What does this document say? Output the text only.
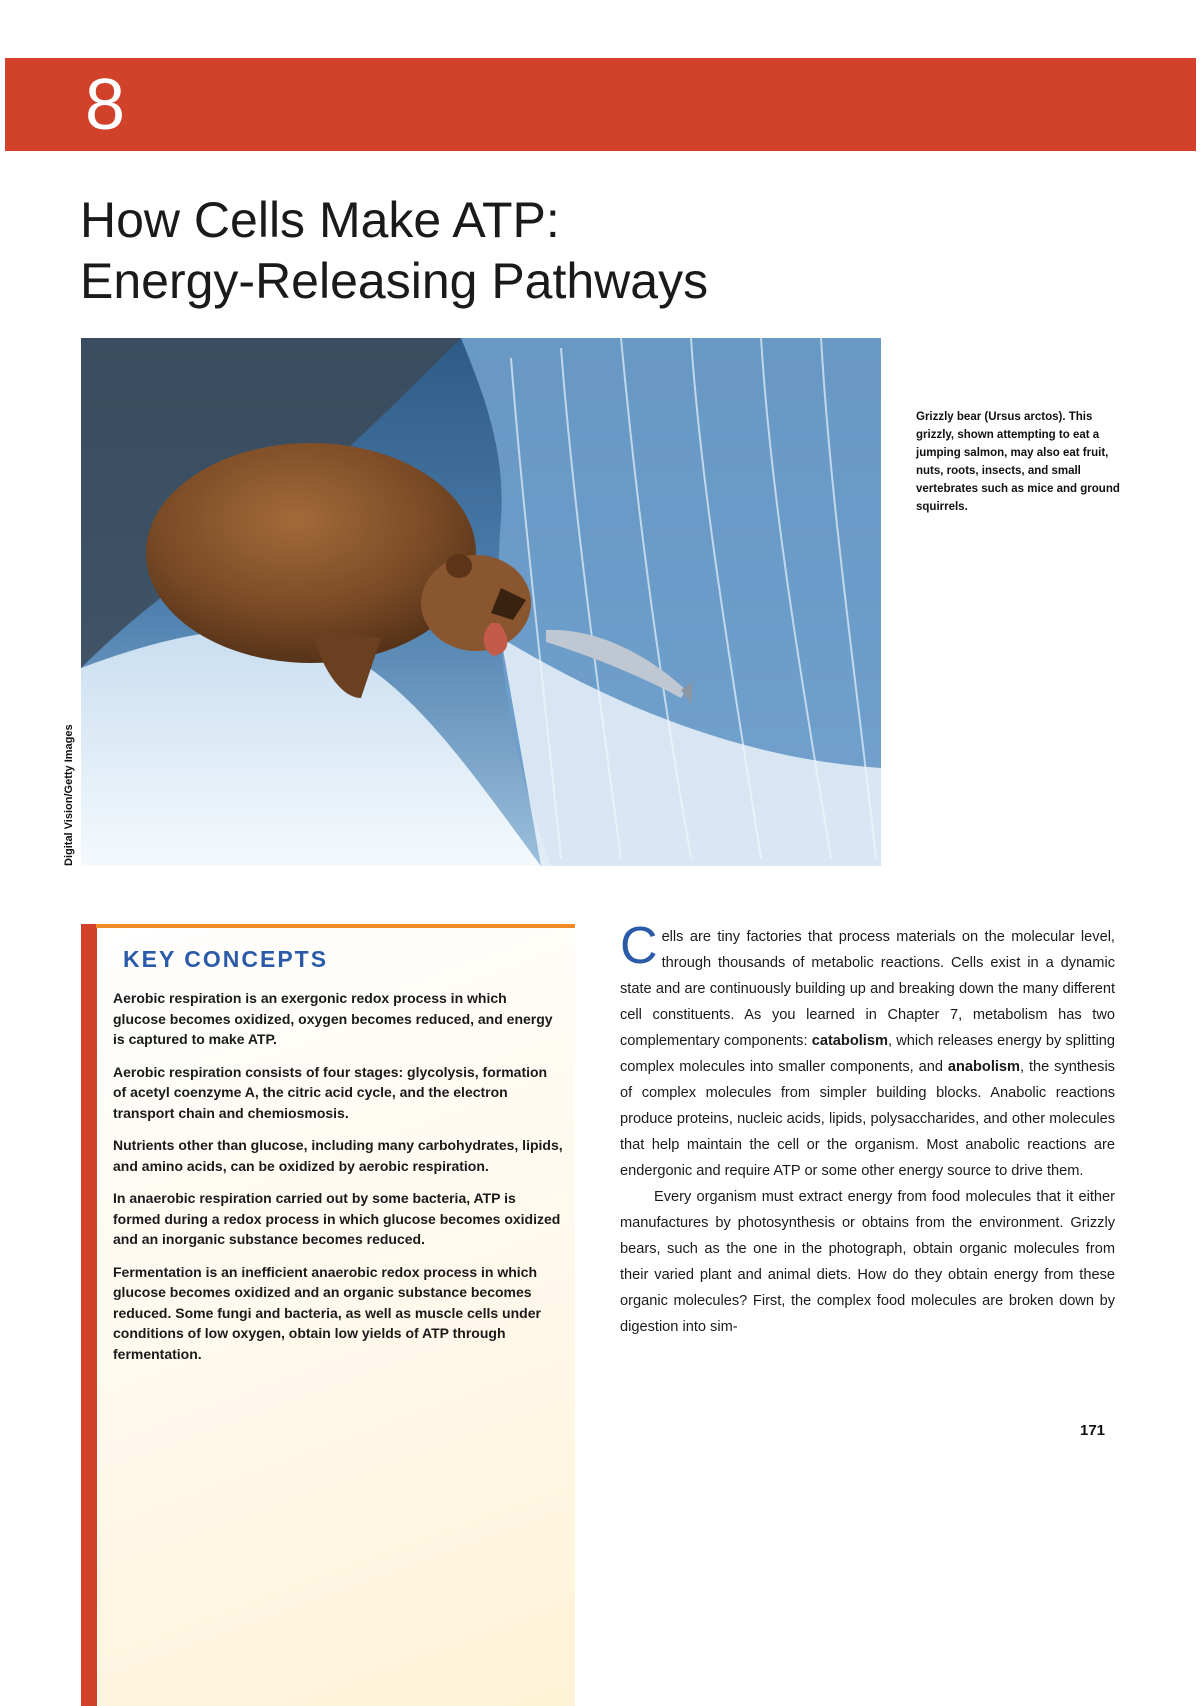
8
How Cells Make ATP:
Energy-Releasing Pathways
Digital Vision/Getty Images

Grizzly bear (Ursus arctos). This grizzly, shown attempting to eat a jumping salmon, may also eat fruit, nuts, roots, insects, and small vertebrates such as mice and ground squirrels.

KEY CONCEPTS
Aerobic respiration is an exergonic redox process in which glucose becomes oxidized, oxygen becomes reduced, and energy is captured to make ATP.
Aerobic respiration consists of four stages: glycolysis, formation of acetyl coenzyme A, the citric acid cycle, and the electron transport chain and chemiosmosis.
Nutrients other than glucose, including many carbohydrates, lipids, and amino acids, can be oxidized by aerobic respiration.
In anaerobic respiration carried out by some bacteria, ATP is formed during a redox process in which glucose becomes oxidized and an inorganic substance becomes reduced.
Fermentation is an inefficient anaerobic redox process in which glucose becomes oxidized and an organic substance becomes reduced. Some fungi and bacteria, as well as muscle cells under conditions of low oxygen, obtain low yields of ATP through fermentation.

Cells are tiny factories that process materials on the molecular level, through thousands of metabolic reactions. Cells exist in a dynamic state and are continuously building up and breaking down the many different cell constituents. As you learned in Chapter 7, metabolism has two complementary components: catabolism, which releases energy by splitting complex molecules into smaller components, and anabolism, the synthesis of complex molecules from simpler building blocks. Anabolic reactions produce proteins, nucleic acids, lipids, polysaccharides, and other molecules that help maintain the cell or the organism. Most anabolic reactions are endergonic and require ATP or some other energy source to drive them.

Every organism must extract energy from food molecules that it either manufactures by photosynthesis or obtains from the environment. Grizzly bears, such as the one in the photograph, obtain organic molecules from their varied plant and animal diets. How do they obtain energy from these organic molecules? First, the complex food molecules are broken down by digestion into sim-

171
